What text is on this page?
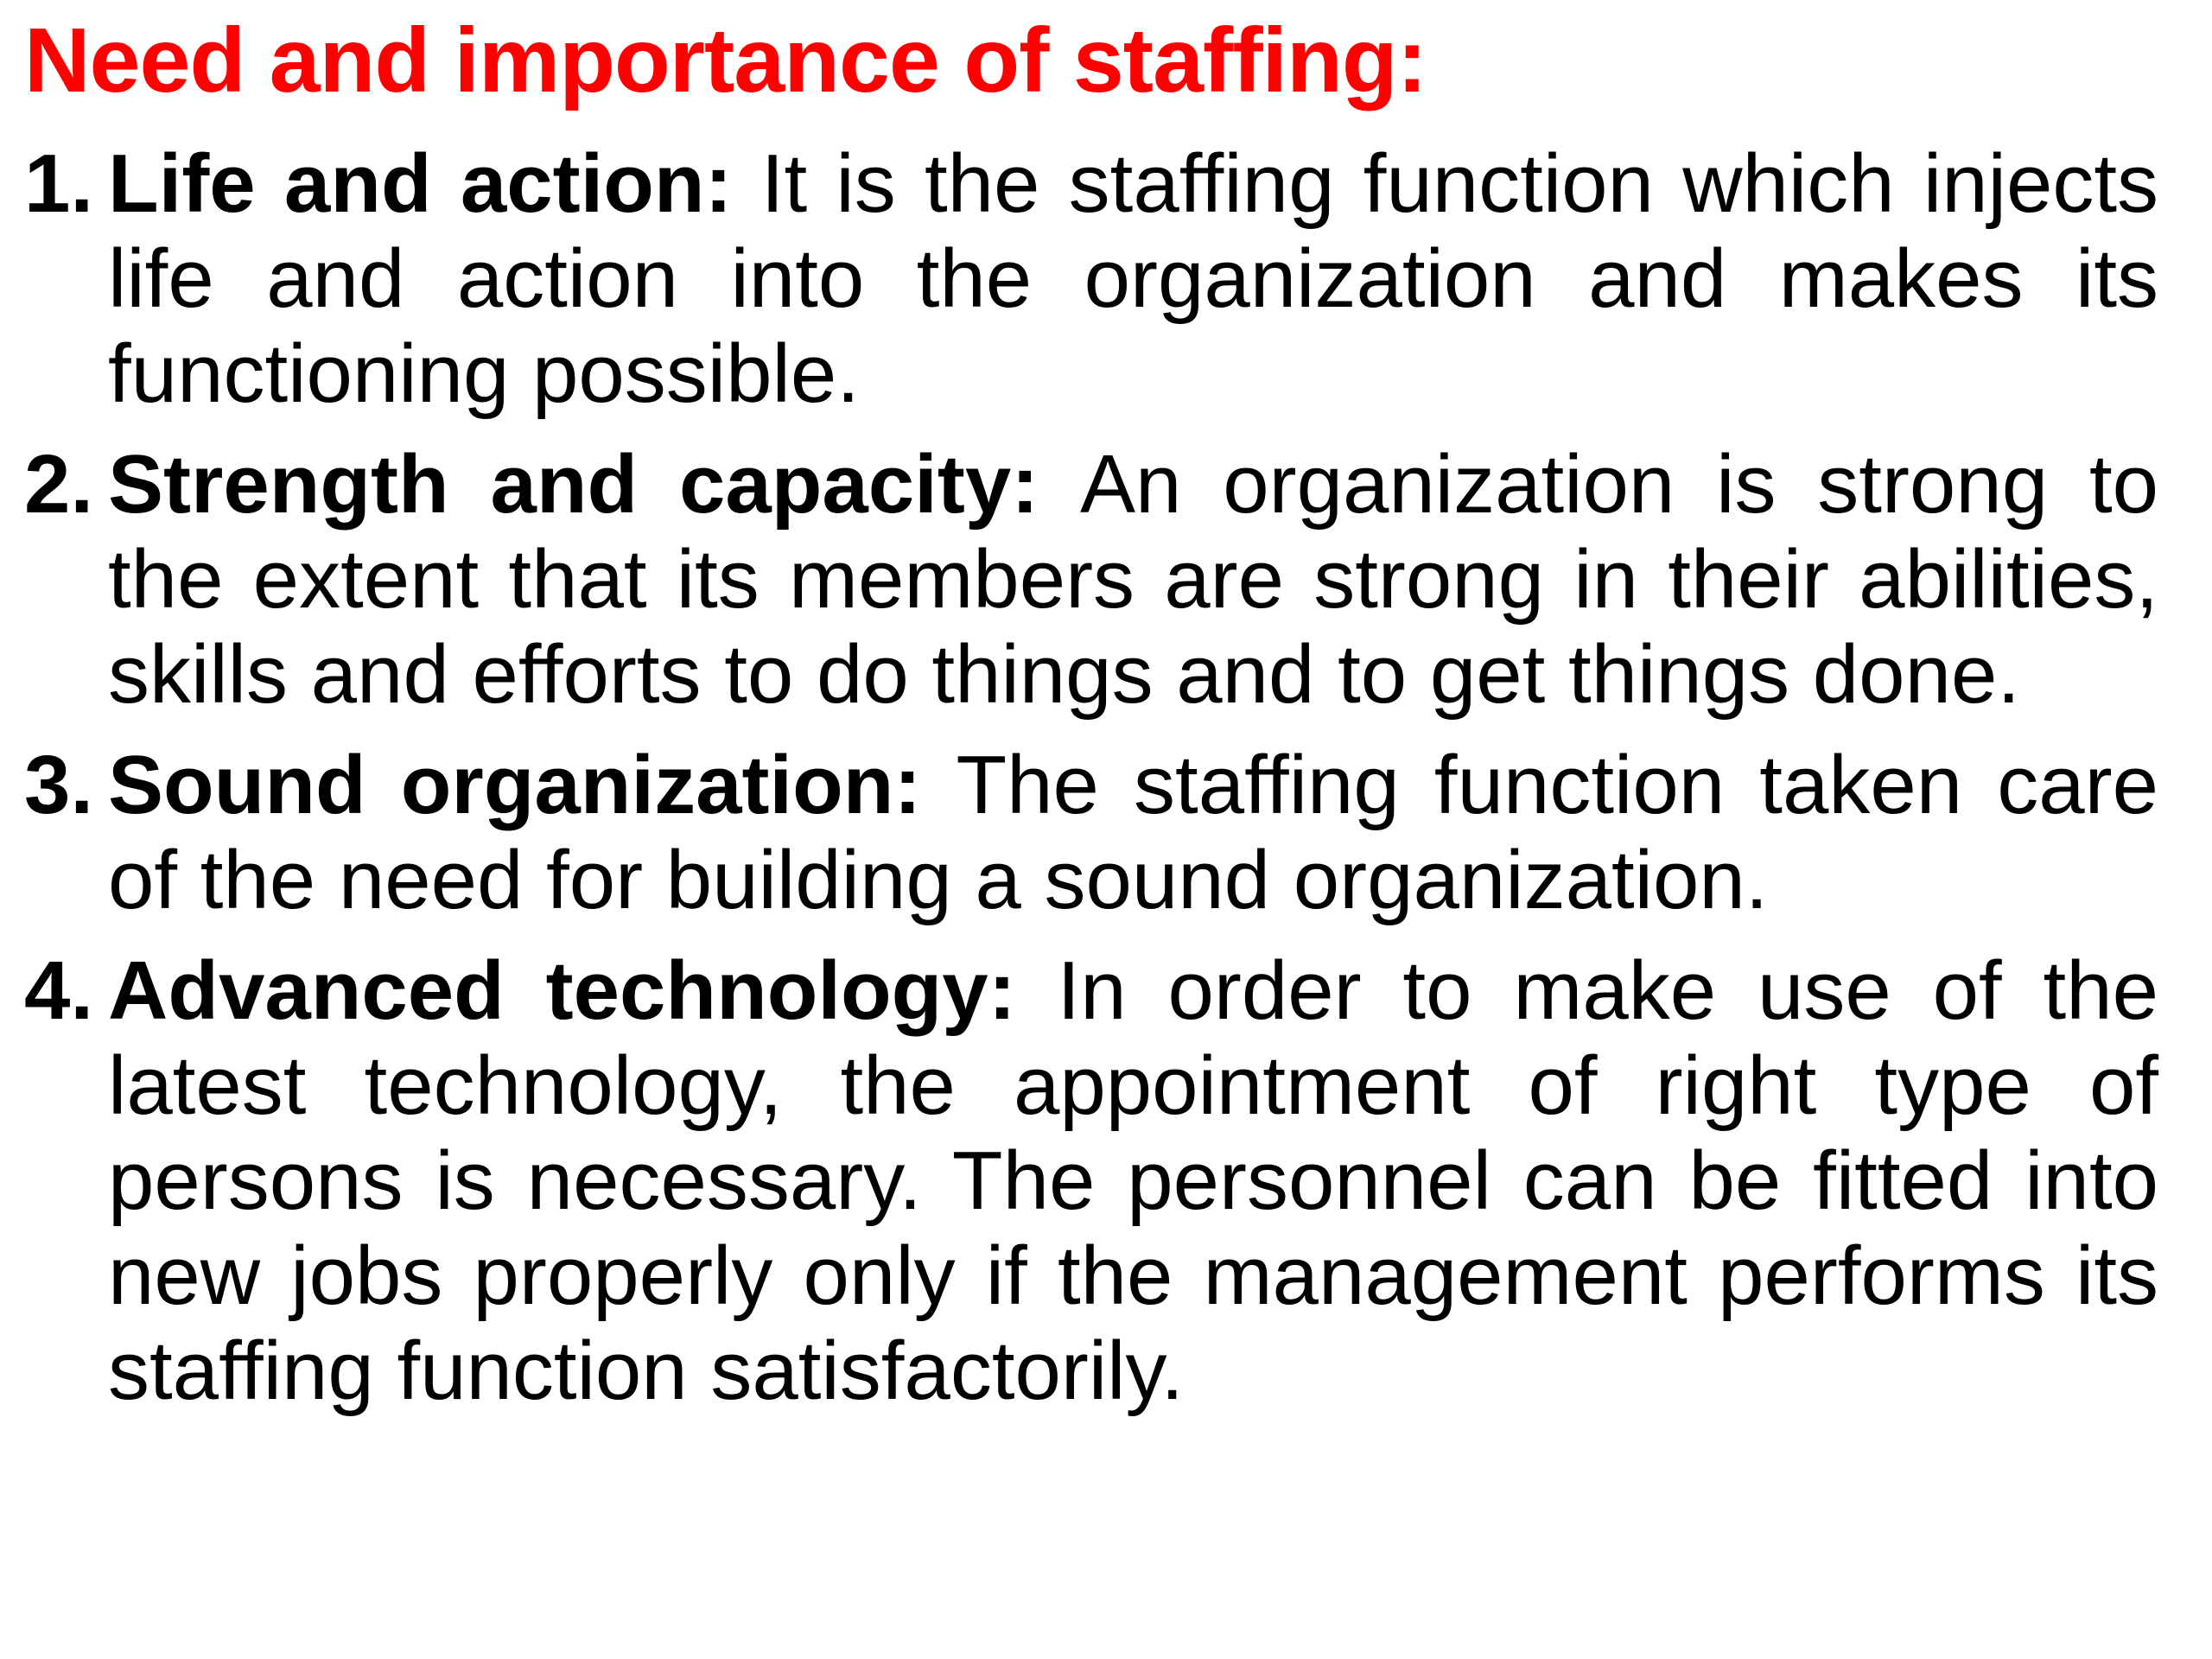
Need and importance of staffing:
1. Life and action: It is the staffing function which injects life and action into the organization and makes its functioning possible.
2. Strength and capacity: An organization is strong to the extent that its members are strong in their abilities, skills and efforts to do things and to get things done.
3. Sound organization: The staffing function taken care of the need for building a sound organization.
4. Advanced technology: In order to make use of the latest technology, the appointment of right type of persons is necessary. The personnel can be fitted into new jobs properly only if the management performs its staffing function satisfactorily.
